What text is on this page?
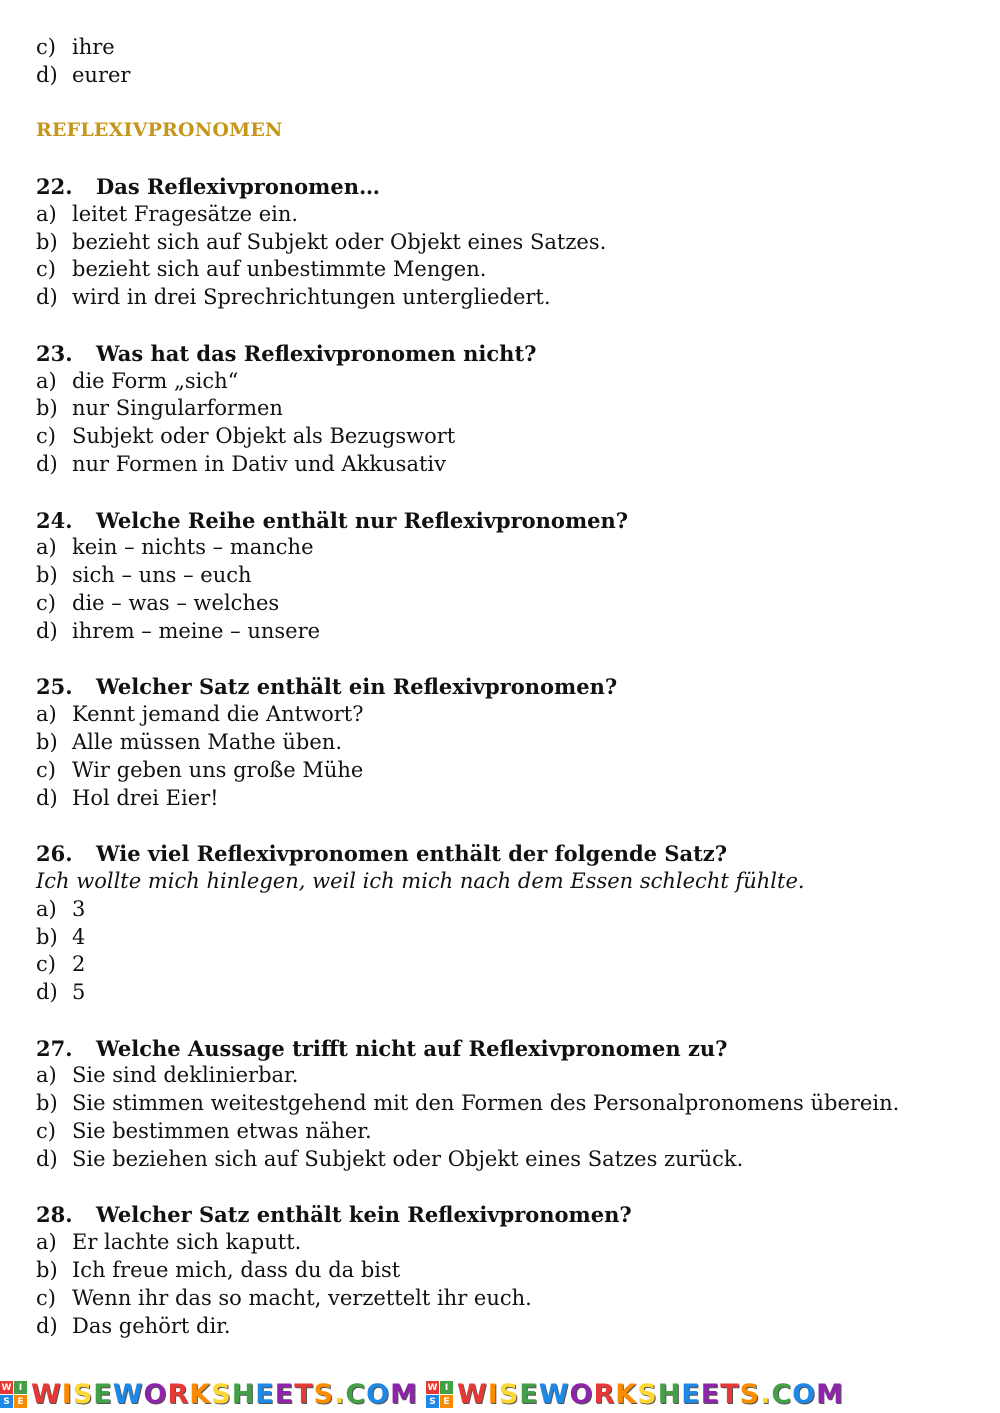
c) ihre
d) eurer
REFLEXIVPRONOMEN
22. Das Reflexivpronomen…
a) leitet Fragesätze ein.
b) bezieht sich auf Subjekt oder Objekt eines Satzes.
c) bezieht sich auf unbestimmte Mengen.
d) wird in drei Sprechrichtungen untergliedert.
23. Was hat das Reflexivpronomen nicht?
a) die Form „sich“
b) nur Singularformen
c) Subjekt oder Objekt als Bezugswort
d) nur Formen in Dativ und Akkusativ
24. Welche Reihe enthält nur Reflexivpronomen?
a) kein – nichts – manche
b) sich – uns – euch
c) die – was – welches
d) ihrem – meine – unsere
25. Welcher Satz enthält ein Reflexivpronomen?
a) Kennt jemand die Antwort?
b) Alle müssen Mathe üben.
c) Wir geben uns große Mühe
d) Hol drei Eier!
26. Wie viel Reflexivpronomen enthält der folgende Satz?
Ich wollte mich hinlegen, weil ich mich nach dem Essen schlecht fühlte.
a) 3
b) 4
c) 2
d) 5
27. Welche Aussage trifft nicht auf Reflexivpronomen zu?
a) Sie sind deklinierbar.
b) Sie stimmen weitestgehend mit den Formen des Personalpronomens überein.
c) Sie bestimmen etwas näher.
d) Sie beziehen sich auf Subjekt oder Objekt eines Satzes zurück.
28. Welcher Satz enthält kein Reflexivpronomen?
a) Er lachte sich kaputt.
b) Ich freue mich, dass du da bist
c) Wenn ihr das so macht, verzettelt ihr euch.
d) Das gehört dir.
W I
S E WISEWORKSHEETS.COM W I
S E WISEWORKSHEETS.COM
